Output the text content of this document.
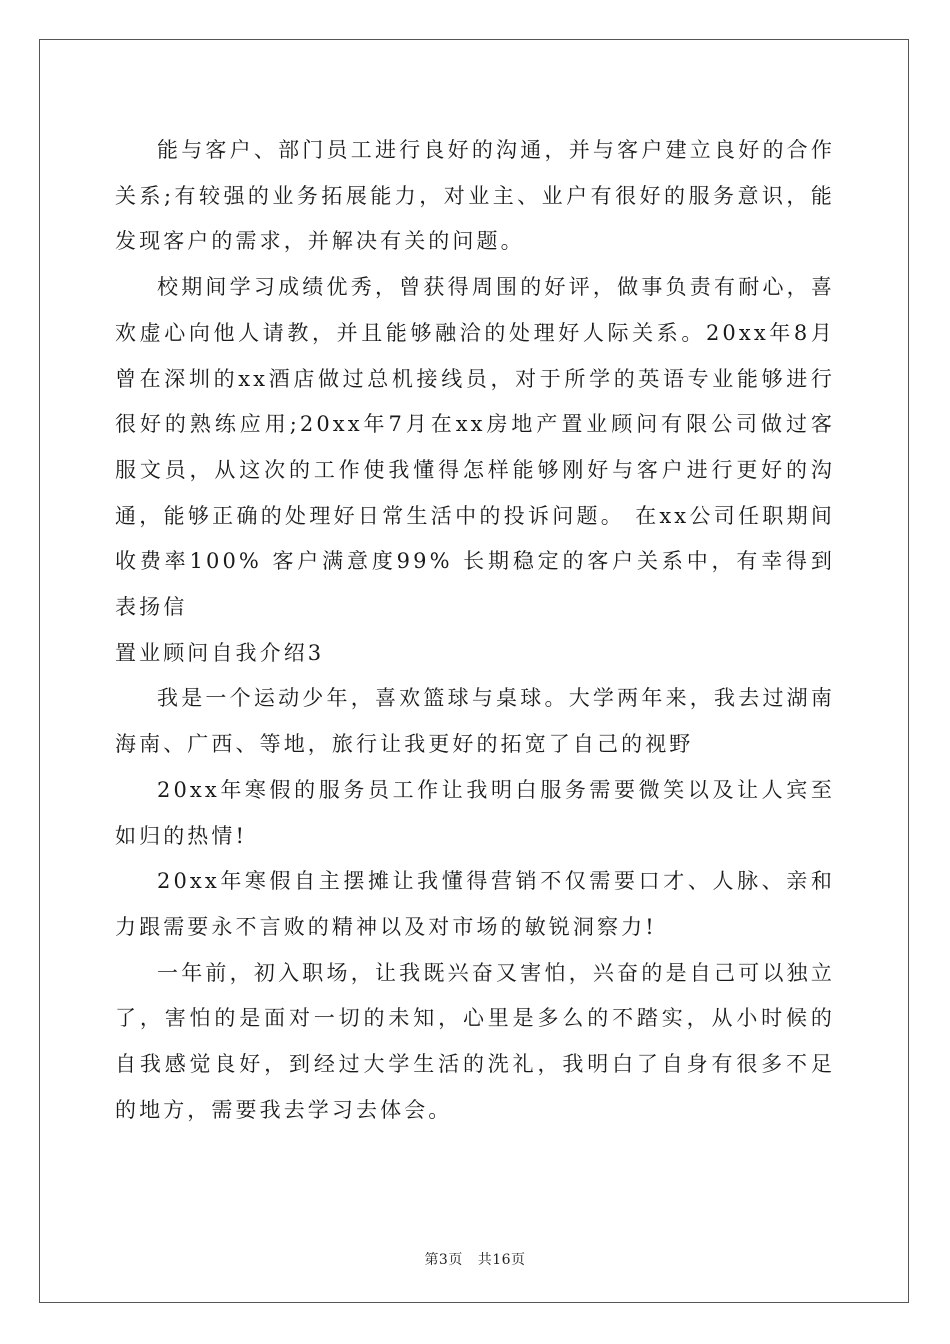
能与客户、部门员工进行良好的沟通，并与客户建立良好的合作关系;有较强的业务拓展能力，对业主、业户有很好的服务意识，能发现客户的需求，并解决有关的问题。

校期间学习成绩优秀，曾获得周围的好评，做事负责有耐心，喜欢虚心向他人请教，并且能够融洽的处理好人际关系。20xx年8月曾在深圳的xx酒店做过总机接线员，对于所学的英语专业能够进行很好的熟练应用;20xx年7月在xx房地产置业顾问有限公司做过客服文员，从这次的工作使我懂得怎样能够刚好与客户进行更好的沟通，能够正确的处理好日常生活中的投诉问题。 在xx公司任职期间收费率100% 客户满意度99% 长期稳定的客户关系中，有幸得到表扬信

置业顾问自我介绍3

我是一个运动少年，喜欢篮球与桌球。大学两年来，我去过湖南海南、广西、等地，旅行让我更好的拓宽了自己的视野

20xx年寒假的服务员工作让我明白服务需要微笑以及让人宾至如归的热情!

20xx年寒假自主摆摊让我懂得营销不仅需要口才、人脉、亲和力跟需要永不言败的精神以及对市场的敏锐洞察力!

一年前，初入职场，让我既兴奋又害怕，兴奋的是自己可以独立了，害怕的是面对一切的未知，心里是多么的不踏实，从小时候的自我感觉良好，到经过大学生活的洗礼，我明白了自身有很多不足的地方，需要我去学习去体会。

第3页 共16页
